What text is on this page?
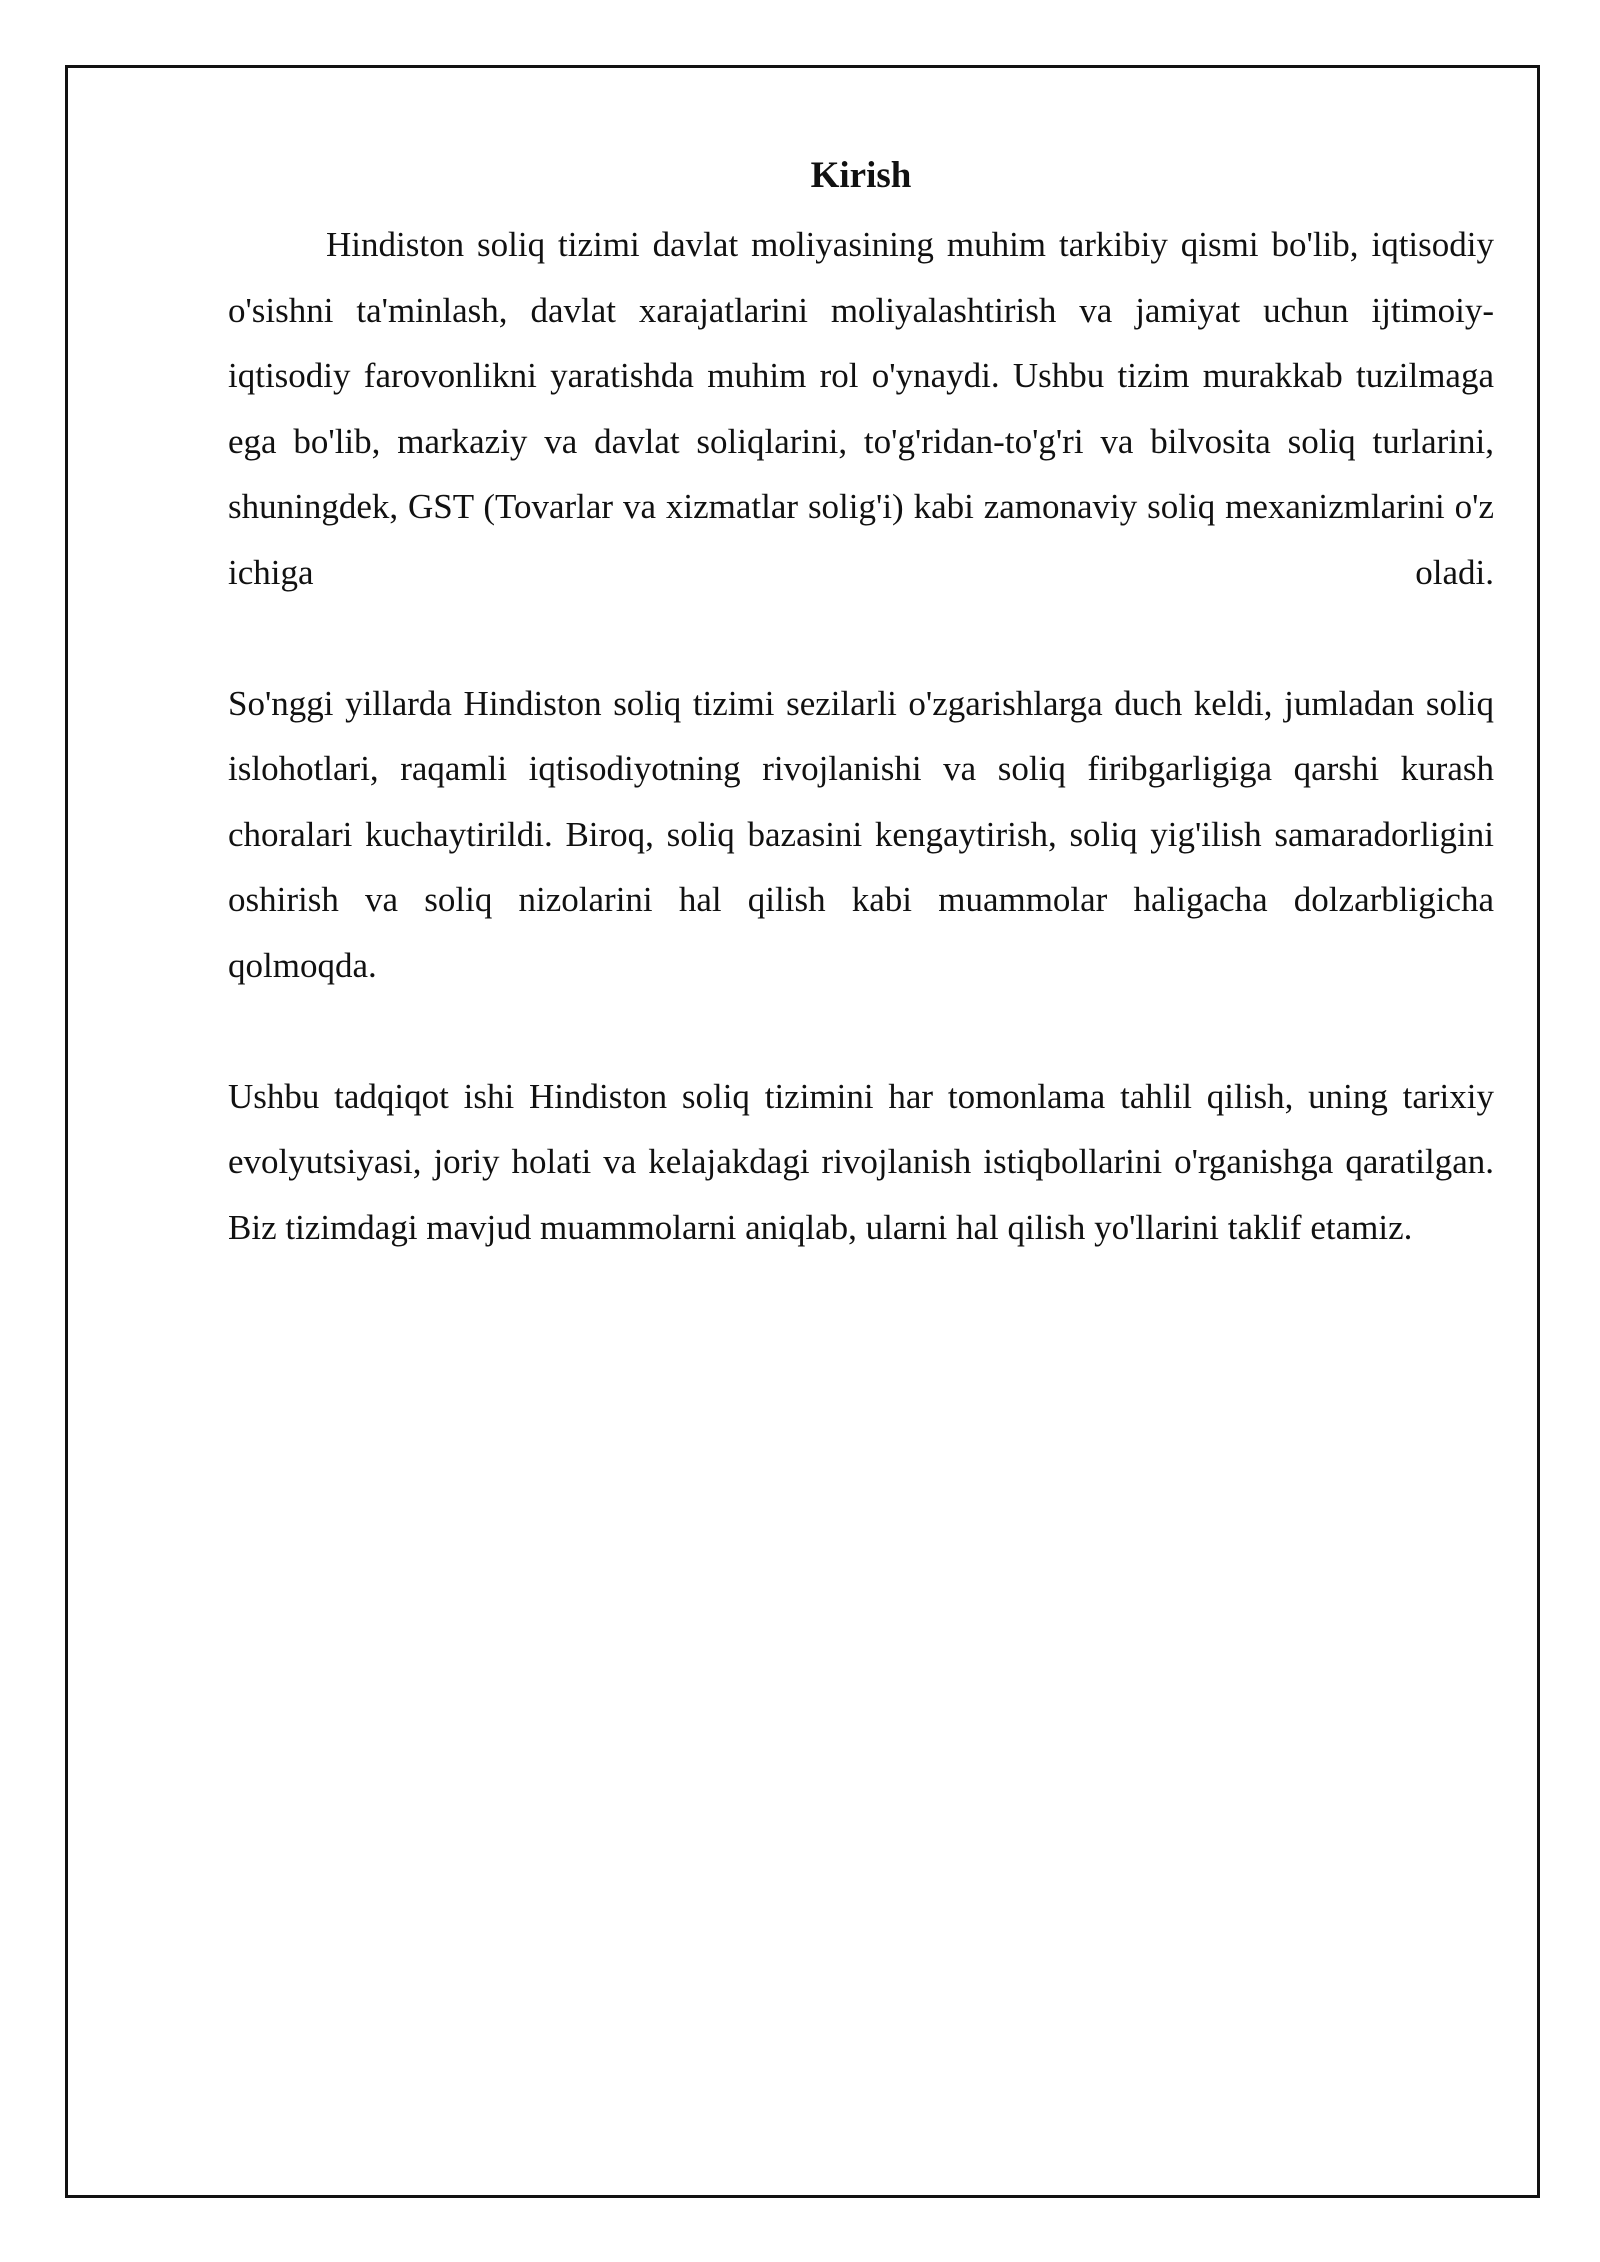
Kirish

Hindiston soliq tizimi davlat moliyasining muhim tarkibiy qismi bo'lib, iqtisodiy o'sishni ta'minlash, davlat xarajatlarini moliyalashtirish va jamiyat uchun ijtimoiy-iqtisodiy farovonlikni yaratishda muhim rol o'ynaydi. Ushbu tizim murakkab tuzilmaga ega bo'lib, markaziy va davlat soliqlarini, to'g'ridan-to'g'ri va bilvosita soliq turlarini, shuningdek, GST (Tovarlar va xizmatlar solig'i) kabi zamonaviy soliq mexanizmlarini o'z ichiga oladi.

So'nggi yillarda Hindiston soliq tizimi sezilarli o'zgarishlarga duch keldi, jumladan soliq islohotlari, raqamli iqtisodiyotning rivojlanishi va soliq firibgarligiga qarshi kurash choralari kuchaytirildi. Biroq, soliq bazasini kengaytirish, soliq yig'ilish samaradorligini oshirish va soliq nizolarini hal qilish kabi muammolar haligacha dolzarbligicha qolmoqda.

Ushbu tadqiqot ishi Hindiston soliq tizimini har tomonlama tahlil qilish, uning tarixiy evolyutsiyasi, joriy holati va kelajakdagi rivojlanish istiqbollarini o'rganishga qaratilgan. Biz tizimdagi mavjud muammolarni aniqlab, ularni hal qilish yo'llarini taklif etamiz.
